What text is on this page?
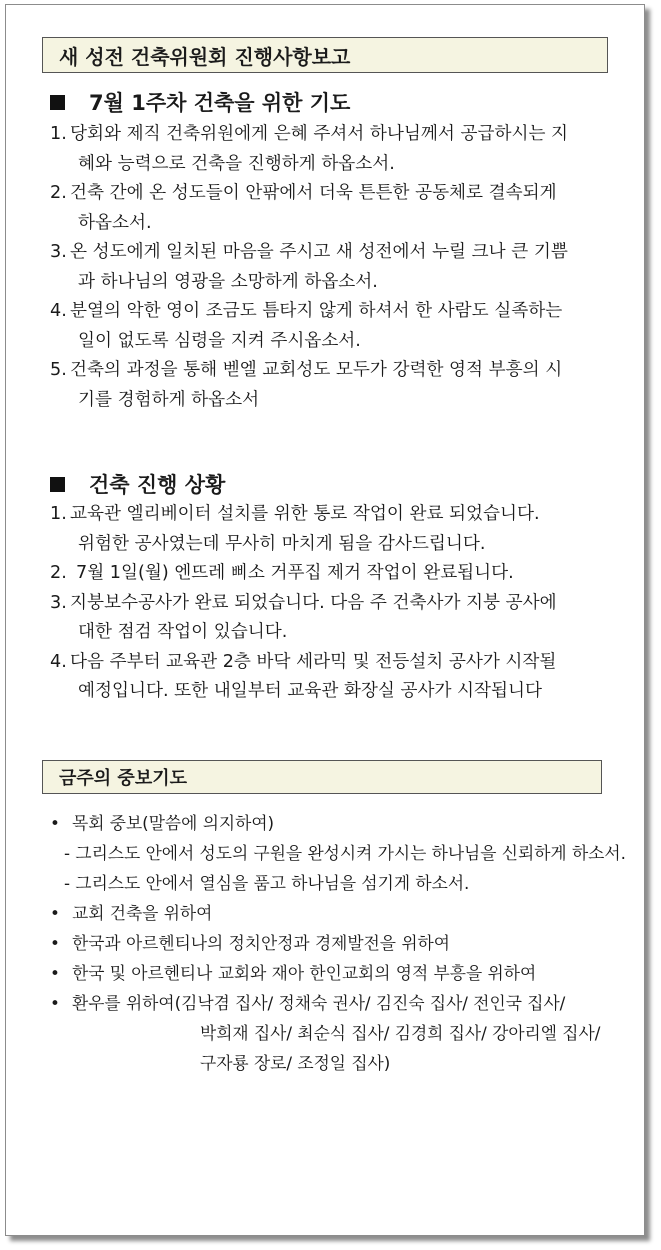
새 성전 건축위원회 진행사항보고
7월 1주차 건축을 위한 기도
1. 당회와 제직 건축위원에게 은혜 주셔서 하나님께서 공급하시는 지
혜와 능력으로 건축을 진행하게 하옵소서.
2. 건축 간에 온 성도들이 안팎에서 더욱 튼튼한 공동체로 결속되게
하옵소서.
3. 온 성도에게 일치된 마음을 주시고 새 성전에서 누릴 크나 큰 기쁨
과 하나님의 영광을 소망하게 하옵소서.
4. 분열의 악한 영이 조금도 틈타지 않게 하셔서 한 사람도 실족하는
일이 없도록 심령을 지켜 주시옵소서.
5. 건축의 과정을 통해 벧엘 교회성도 모두가 강력한 영적 부흥의 시
기를 경험하게 하옵소서
건축 진행 상황
1. 교육관 엘리베이터 설치를 위한 통로 작업이 완료 되었습니다.
위험한 공사였는데 무사히 마치게 됨을 감사드립니다.
2. 7월 1일(월) 엔뜨레 삐소 거푸집 제거 작업이 완료됩니다.
3. 지붕보수공사가 완료 되었습니다. 다음 주 건축사가 지붕 공사에
대한 점검 작업이 있습니다.
4. 다음 주부터 교육관 2층 바닥 세라믹 및 전등설치 공사가 시작될
예정입니다. 또한 내일부터 교육관 화장실 공사가 시작됩니다
금주의 중보기도
• 목회 중보(말씀에 의지하여)
- 그리스도 안에서 성도의 구원을 완성시켜 가시는 하나님을 신뢰하게 하소서.
- 그리스도 안에서 열심을 품고 하나님을 섬기게 하소서.
• 교회 건축을 위하여
• 한국과 아르헨티나의 정치안정과 경제발전을 위하여
• 한국 및 아르헨티나 교회와 재아 한인교회의 영적 부흥을 위하여
• 환우를 위하여(김낙겸 집사/ 정채숙 권사/ 김진숙 집사/ 전인국 집사/
박희재 집사/ 최순식 집사/ 김경희 집사/ 강아리엘 집사/
구자룡 장로/ 조정일 집사)
